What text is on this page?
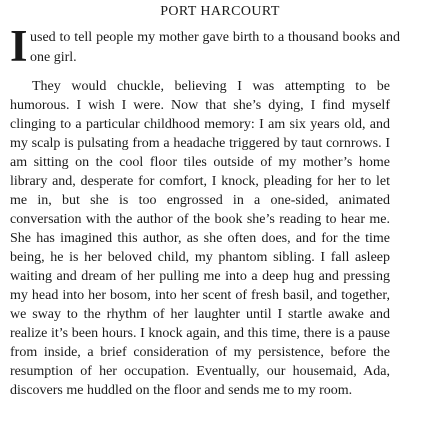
PORT HARCOURT
I used to tell people my mother gave birth to a thousand books and one girl.

They would chuckle, believing I was attempting to be humorous. I wish I were. Now that she’s dying, I find myself clinging to a particular childhood memory: I am six years old, and my scalp is pulsating from a headache triggered by taut cornrows. I am sitting on the cool floor tiles outside of my mother’s home library and, desperate for comfort, I knock, pleading for her to let me in, but she is too engrossed in a one-sided, animated conversation with the author of the book she’s reading to hear me. She has imagined this author, as she often does, and for the time being, he is her beloved child, my phantom sibling. I fall asleep waiting and dream of her pulling me into a deep hug and pressing my head into her bosom, into her scent of fresh basil, and together, we sway to the rhythm of her laughter until I startle awake and realize it’s been hours. I knock again, and this time, there is a pause from inside, a brief consideration of my persistence, before the resumption of her occupation. Eventually, our housemaid, Ada, discovers me huddled on the floor and sends me to my room.
